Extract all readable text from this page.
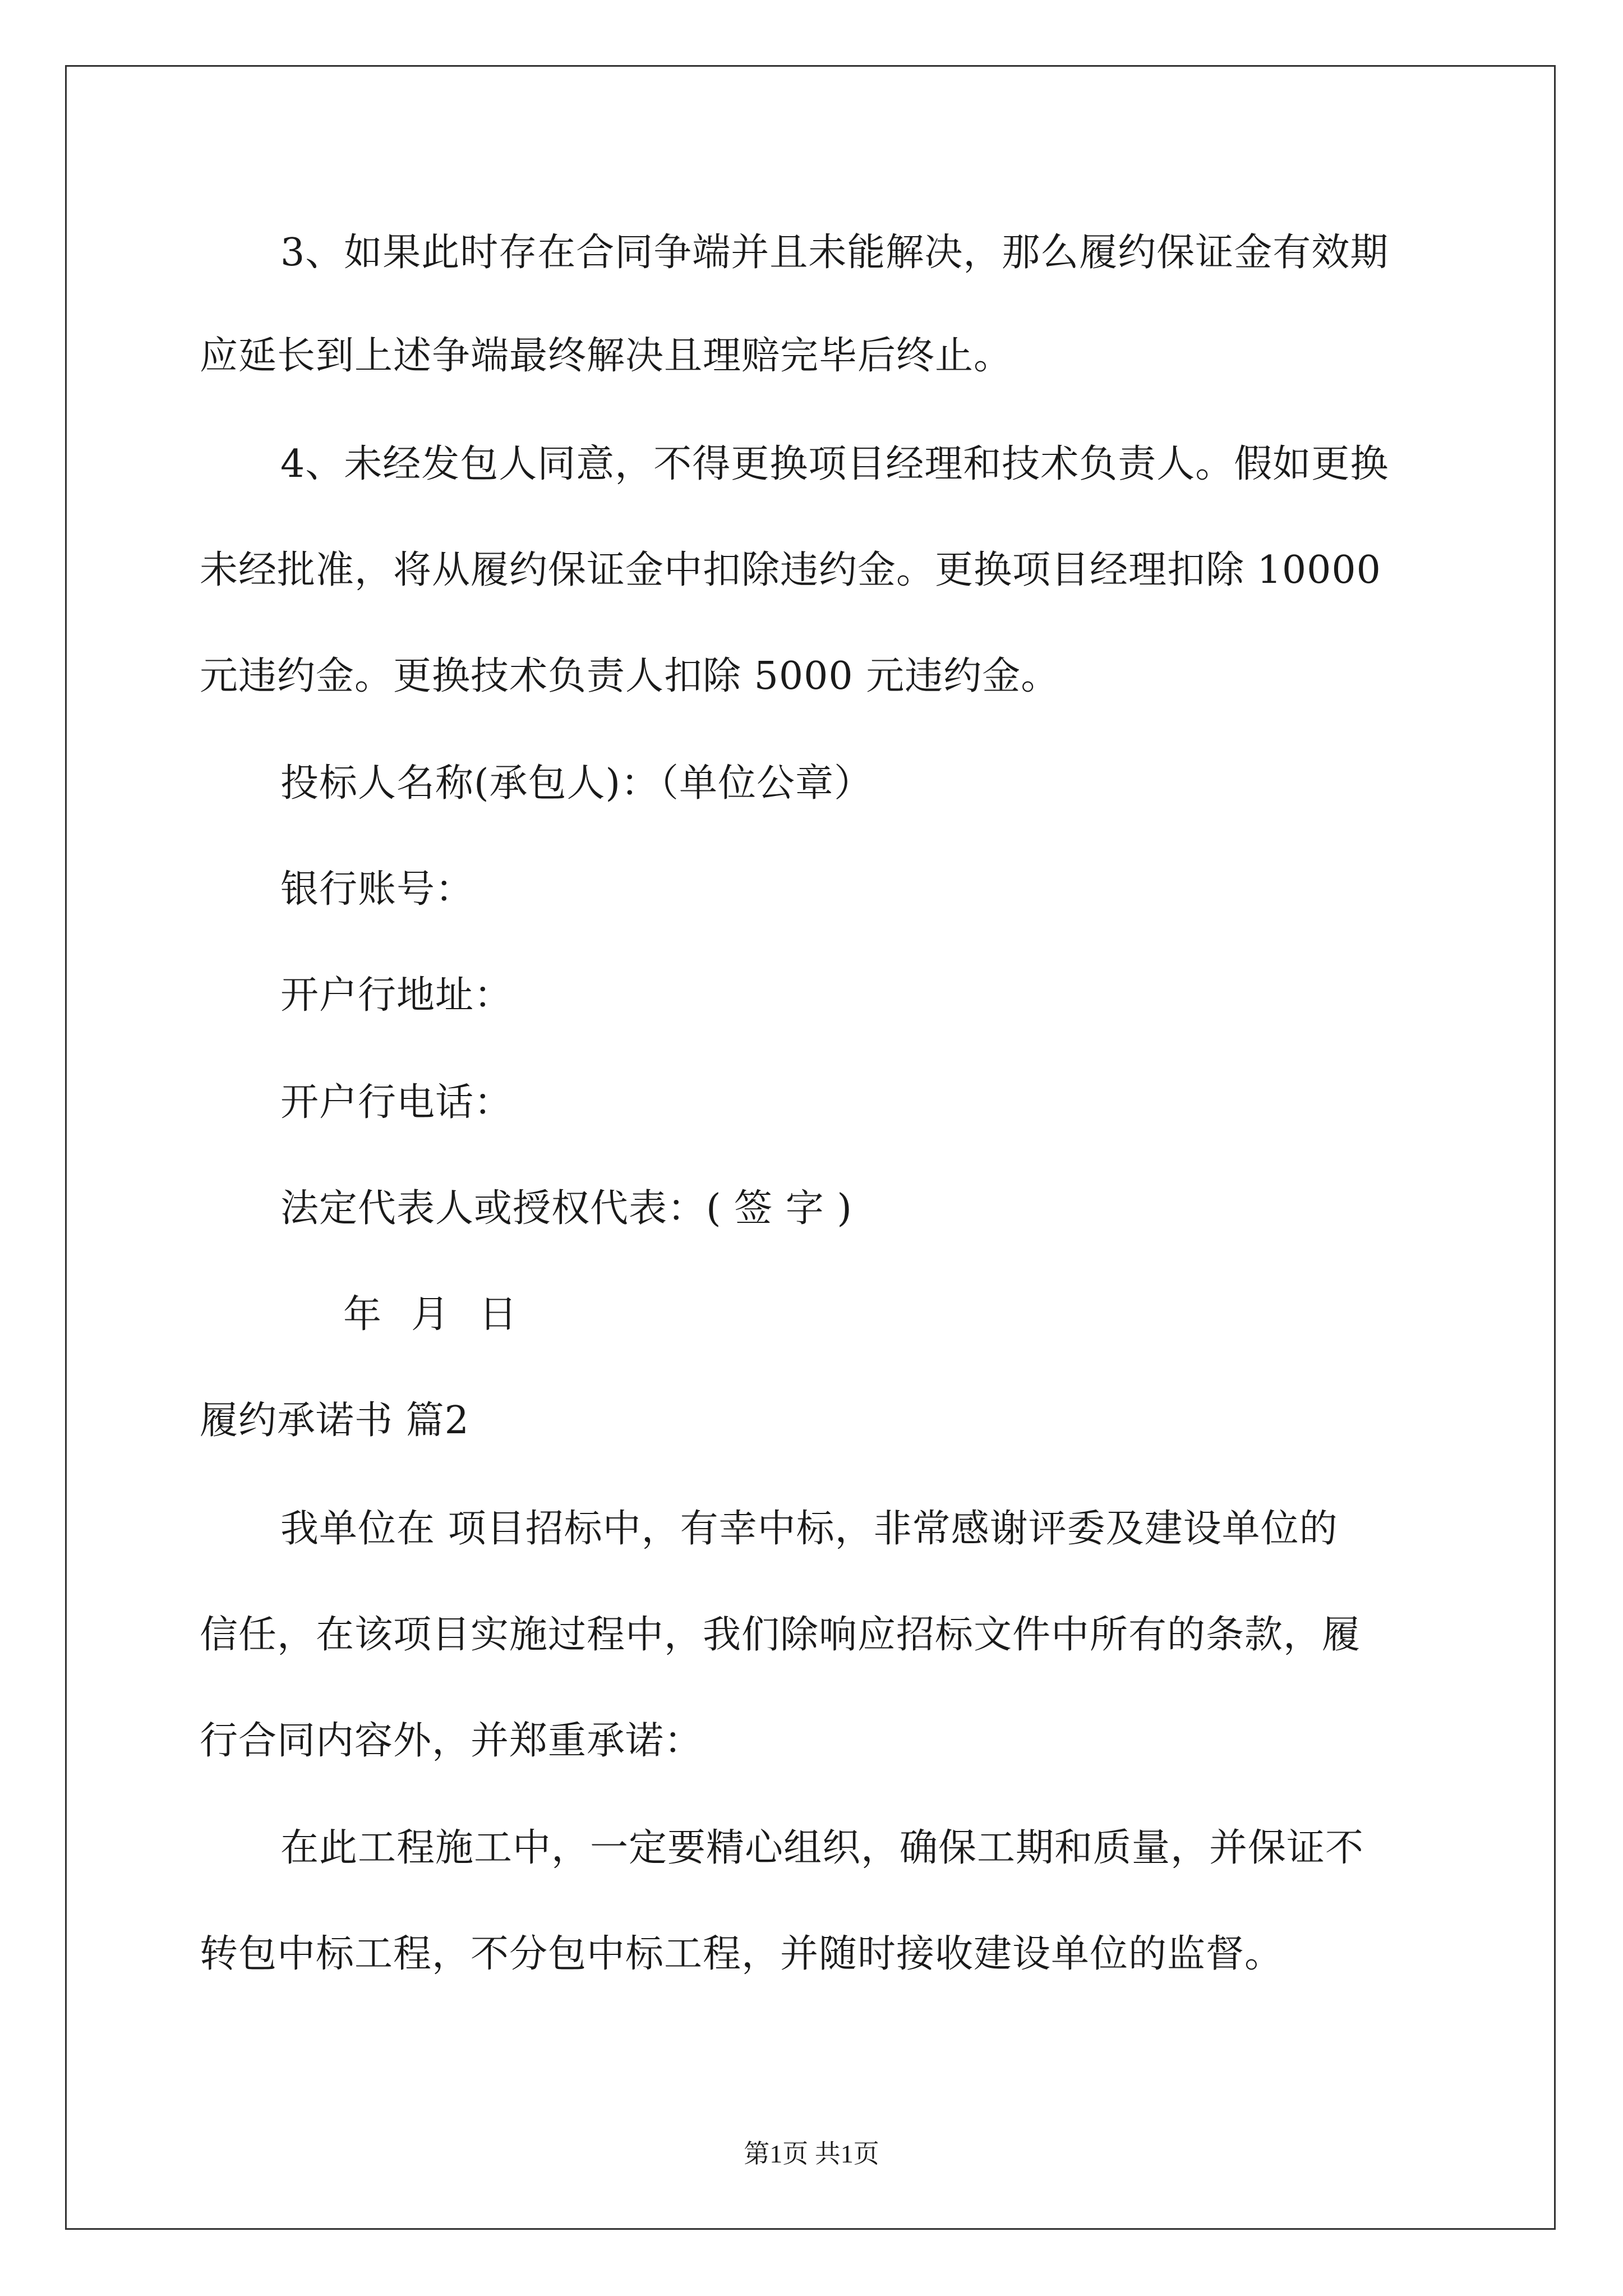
3、如果此时存在合同争端并且未能解决，那么履约保证金有效期
应延长到上述争端最终解决且理赔完毕后终止。
4、未经发包人同意，不得更换项目经理和技术负责人。假如更换
未经批准，将从履约保证金中扣除违约金。更换项目经理扣除 10000
元违约金。更换技术负责人扣除 5000 元违约金。
投标人名称(承包人)：（单位公章）
银行账号：
开户行地址：
开户行电话：
法定代表人或授权代表：( 签 字 )
年 月 日
履约承诺书 篇2
我单位在 项目招标中，有幸中标，非常感谢评委及建设单位的
信任，在该项目实施过程中，我们除响应招标文件中所有的条款，履
行合同内容外，并郑重承诺：
在此工程施工中，一定要精心组织，确保工期和质量，并保证不
转包中标工程，不分包中标工程，并随时接收建设单位的监督。
第1页 共1页
